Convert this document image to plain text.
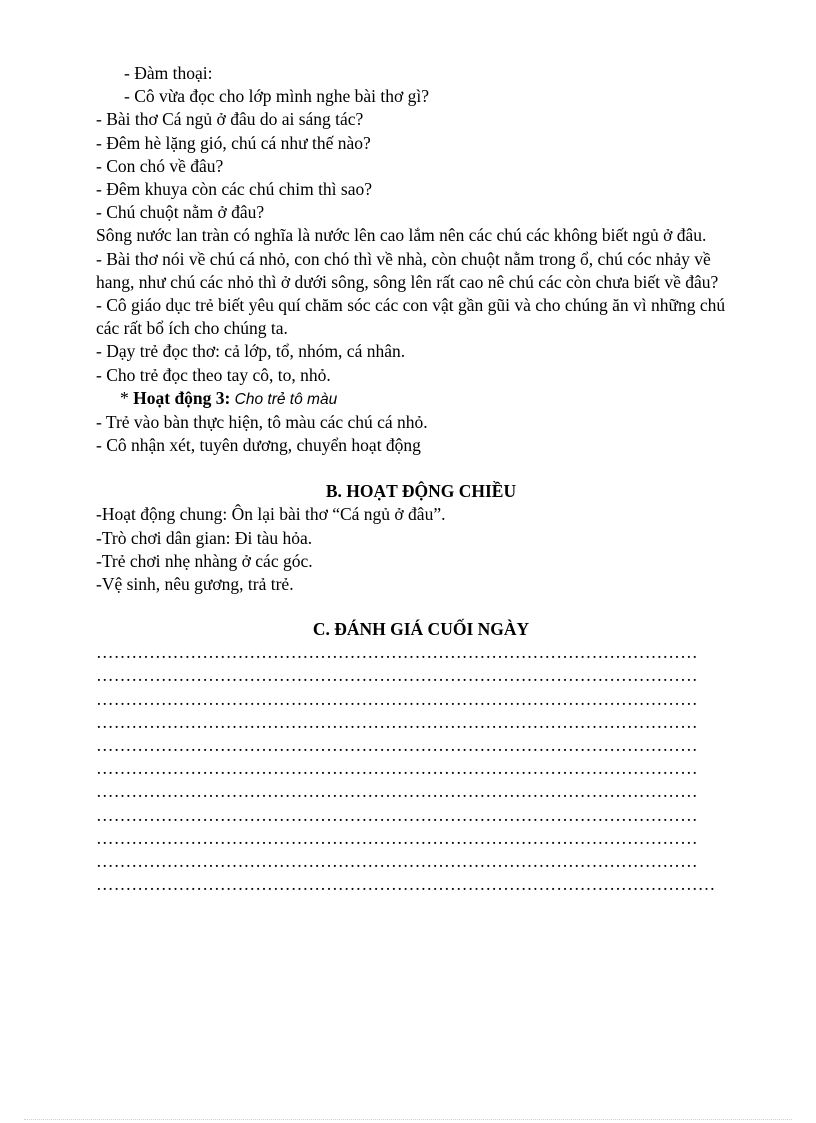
- Đàm thoại:
- Cô vừa đọc cho lớp mình nghe bài thơ gì?
- Bài thơ Cá ngủ ở đâu do ai sáng tác?
- Đêm hè lặng gió, chú cá như thế nào?
- Con chó về đâu?
- Đêm khuya còn các chú chim thì sao?
- Chú chuột nằm ở đâu?
Sông nước lan tràn có nghĩa là nước lên cao lắm nên các chú các không biết ngủ ở đâu.
- Bài thơ nói về chú cá nhỏ, con chó thì về nhà, còn chuột nằm trong ổ, chú cóc nhảy về hang, như chú các nhỏ thì ở dưới sông, sông lên rất cao nê chú các còn chưa biết về đâu?
- Cô giáo dục trẻ biết yêu quí chăm sóc các con vật gần gũi và cho chúng ăn vì những chú các rất bổ ích cho chúng ta.
- Dạy trẻ đọc thơ: cả lớp, tổ, nhóm, cá nhân.
- Cho trẻ đọc theo tay cô, to, nhỏ.
* Hoạt động 3: Cho trẻ tô màu
- Trẻ vào bàn thực hiện, tô màu các chú cá nhỏ.
- Cô nhận xét, tuyên dương, chuyển hoạt động
B. HOẠT ĐỘNG CHIỀU
-Hoạt động chung: Ôn lại bài thơ “Cá ngủ ở đâu”.
-Trò chơi dân gian: Đi tàu hỏa.
-Trẻ chơi nhẹ nhàng ở các góc.
-Vệ sinh, nêu gương, trả trẻ.
C. ĐÁNH GIÁ CUỐI NGÀY
…………………………………………………………………………………………
…………………………………………………………………………………………
…………………………………………………………………………………………
…………………………………………………………………………………………
…………………………………………………………………………………………
…………………………………………………………………………………………
…………………………………………………………………………………………
…………………………………………………………………………………………
…………………………………………………………………………………………
…………………………………………………………………………………………
……………………………………………………………………………………………
